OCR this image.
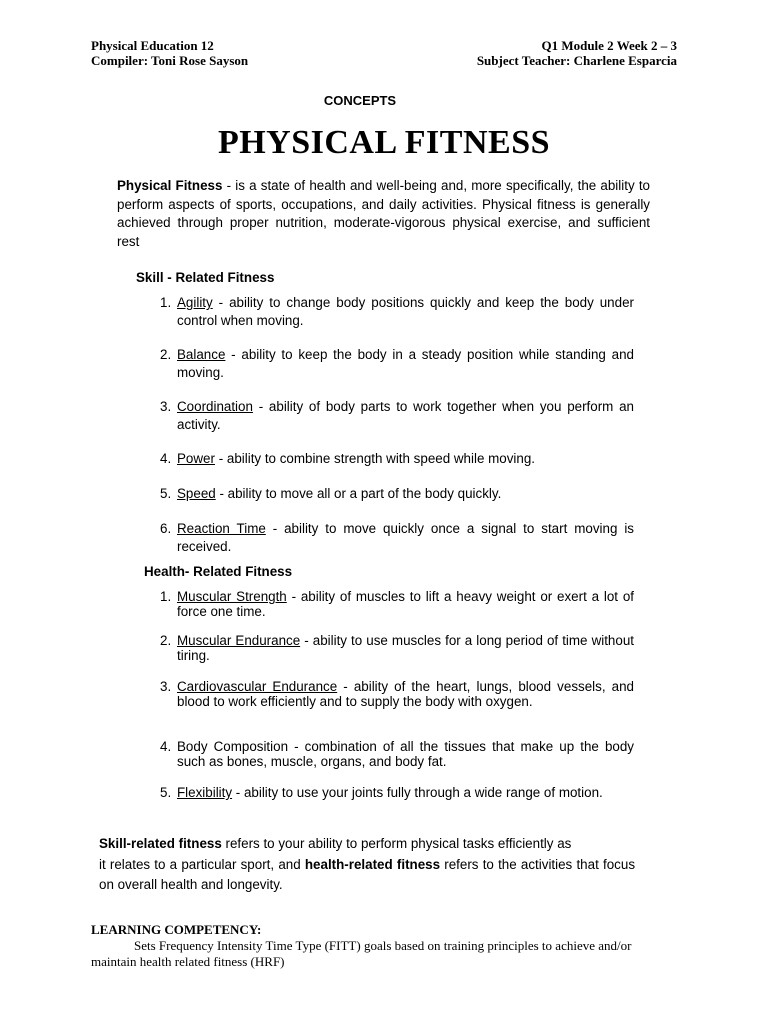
Physical Education 12
Compiler: Toni Rose Sayson
Q1 Module 2 Week 2 – 3
Subject Teacher: Charlene Esparcia
CONCEPTS
PHYSICAL FITNESS
Physical Fitness - is a state of health and well-being and, more specifically, the ability to perform aspects of sports, occupations, and daily activities. Physical fitness is generally achieved through proper nutrition, moderate-vigorous physical exercise, and sufficient rest
Skill - Related Fitness
1. Agility - ability to change body positions quickly and keep the body under control when moving.
2. Balance - ability to keep the body in a steady position while standing and moving.
3. Coordination - ability of body parts to work together when you perform an activity.
4. Power - ability to combine strength with speed while moving.
5. Speed - ability to move all or a part of the body quickly.
6. Reaction Time - ability to move quickly once a signal to start moving is received.
Health- Related Fitness
1. Muscular Strength - ability of muscles to lift a heavy weight or exert a lot of force one time.
2. Muscular Endurance - ability to use muscles for a long period of time without tiring.
3. Cardiovascular Endurance - ability of the heart, lungs, blood vessels, and blood to work efficiently and to supply the body with oxygen.
4. Body Composition - combination of all the tissues that make up the body such as bones, muscle, organs, and body fat.
5. Flexibility - ability to use your joints fully through a wide range of motion.
Skill-related fitness refers to your ability to perform physical tasks efficiently as
it relates to a particular sport, and health-related fitness refers to the activities that focus on overall health and longevity.
LEARNING COMPETENCY:
Sets Frequency Intensity Time Type (FITT) goals based on training principles to achieve and/or maintain health related fitness (HRF)
